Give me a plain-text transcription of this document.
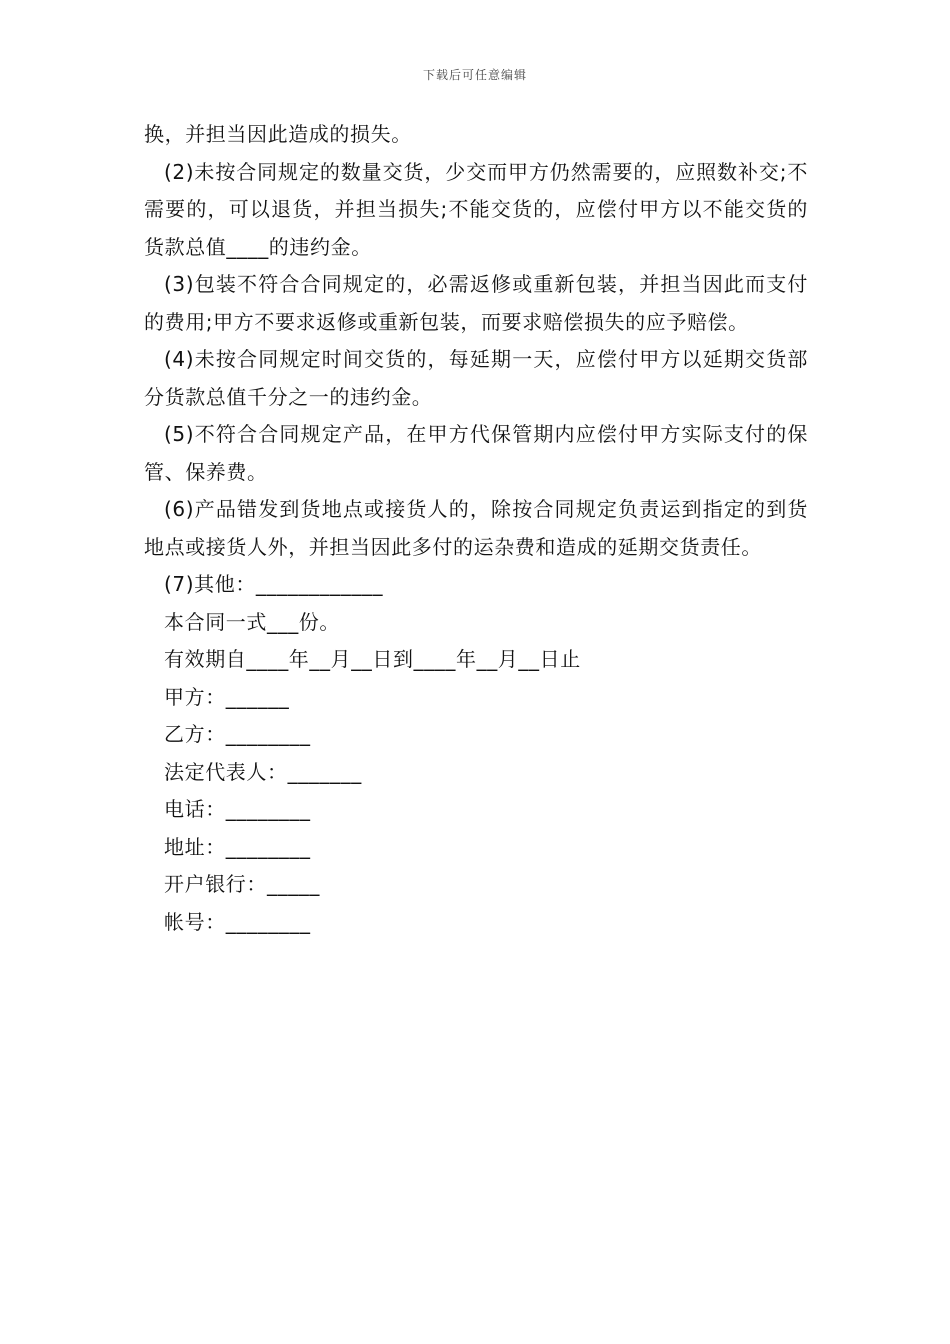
下载后可任意编辑

换，并担当因此造成的损失。

(2)未按合同规定的数量交货，少交而甲方仍然需要的，应照数补交;不需要的，可以退货，并担当损失;不能交货的，应偿付甲方以不能交货的货款总值____的违约金。

(3)包装不符合合同规定的，必需返修或重新包装，并担当因此而支付的费用;甲方不要求返修或重新包装，而要求赔偿损失的应予赔偿。

(4)未按合同规定时间交货的，每延期一天，应偿付甲方以延期交货部分货款总值千分之一的违约金。

(5)不符合合同规定产品，在甲方代保管期内应偿付甲方实际支付的保管、保养费。

(6)产品错发到货地点或接货人的，除按合同规定负责运到指定的到货地点或接货人外，并担当因此多付的运杂费和造成的延期交货责任。

(7)其他：____________

本合同一式___份。

有效期自____年__月__日到____年__月__日止

甲方：______

乙方：________

法定代表人：_______

电话：________

地址：________

开户银行：_____

帐号：________
